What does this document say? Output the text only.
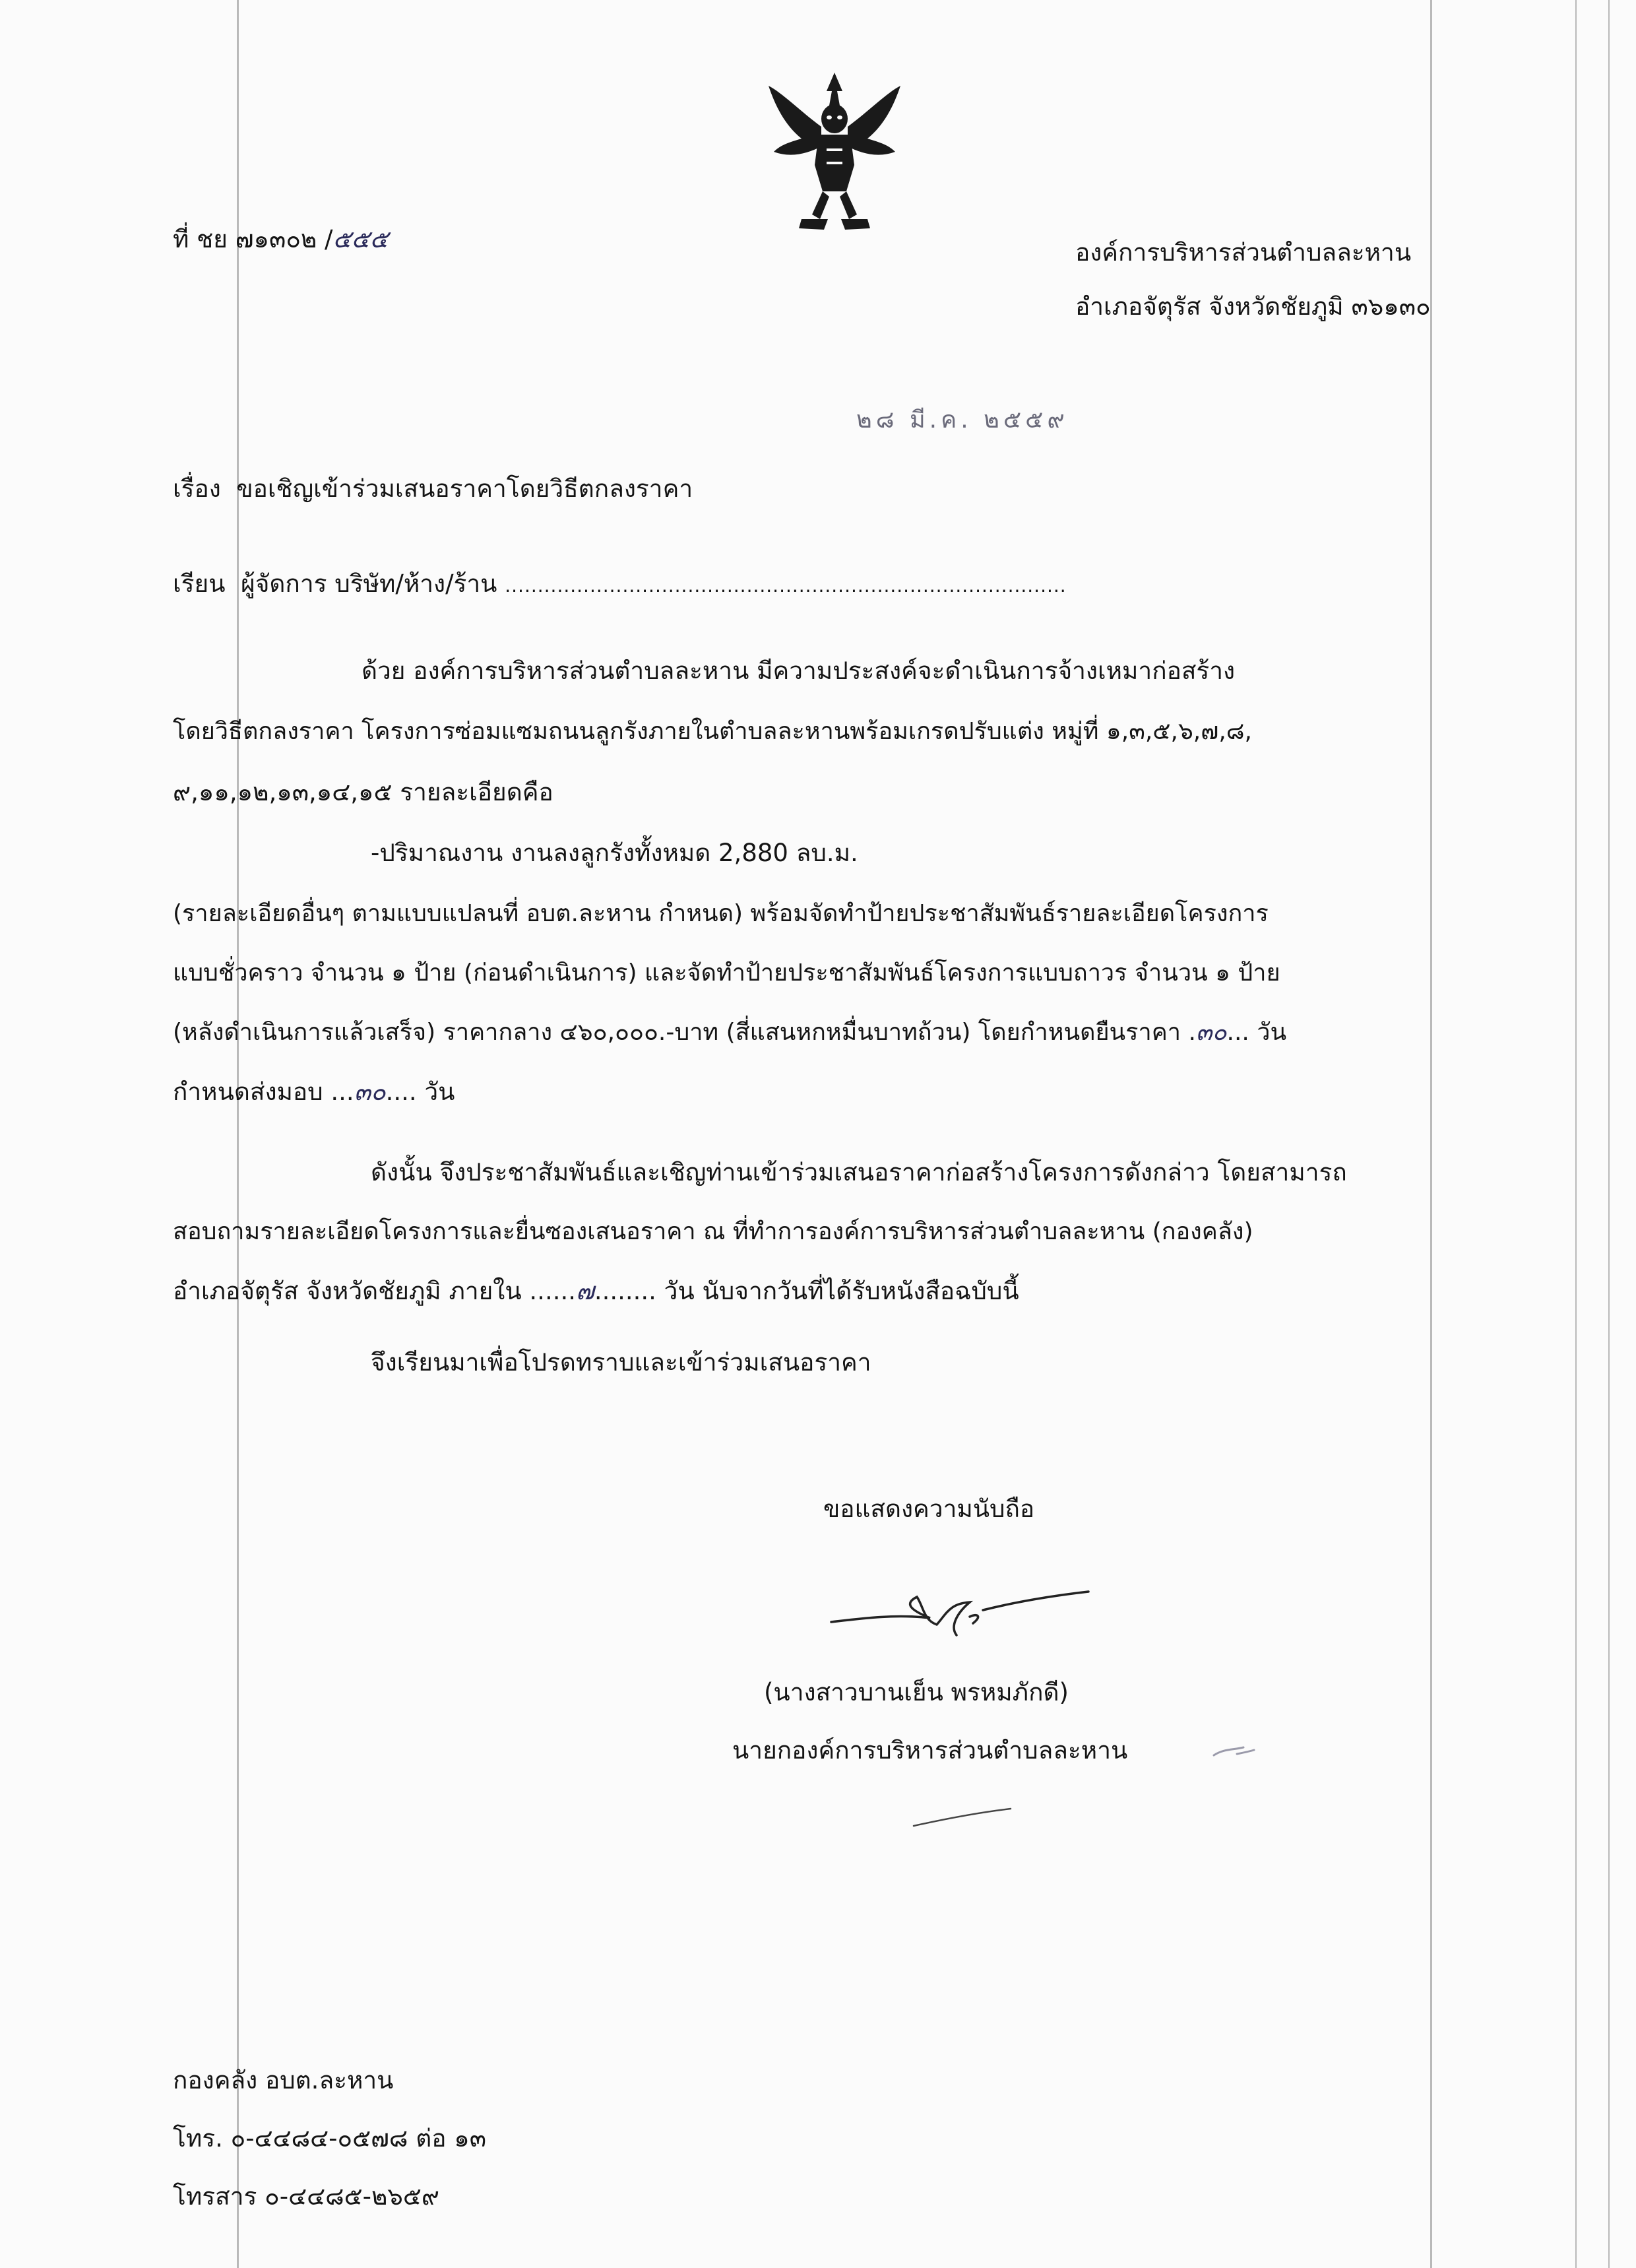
ที่ ชย ๗๑๓๐๒ /๕๕๕	องค์การบริหารส่วนตำบลละหาน
อำเภอจัตุรัส จังหวัดชัยภูมิ ๓๖๑๓๐
๒๘ มี.ค. ๒๕๕๙
เรื่อง ขอเชิญเข้าร่วมเสนอราคาโดยวิธีตกลงราคา
เรียน ผู้จัดการ บริษัท/ห้าง/ร้าน ......................................................................................
ด้วย องค์การบริหารส่วนตำบลละหาน มีความประสงค์จะดำเนินการจ้างเหมาก่อสร้าง
โดยวิธีตกลงราคา โครงการซ่อมแซมถนนลูกรังภายในตำบลละหานพร้อมเกรดปรับแต่ง หมู่ที่ ๑,๓,๕,๖,๗,๘,
๙,๑๑,๑๒,๑๓,๑๔,๑๕ รายละเอียดคือ
-ปริมาณงาน งานลงลูกรังทั้งหมด 2,880 ลบ.ม.
(รายละเอียดอื่นๆ ตามแบบแปลนที่ อบต.ละหาน กำหนด) พร้อมจัดทำป้ายประชาสัมพันธ์รายละเอียดโครงการ
แบบชั่วคราว จำนวน ๑ ป้าย (ก่อนดำเนินการ) และจัดทำป้ายประชาสัมพันธ์โครงการแบบถาวร จำนวน ๑ ป้าย
(หลังดำเนินการแล้วเสร็จ) ราคากลาง ๔๖๐,๐๐๐.-บาท (สี่แสนหกหมื่นบาทถ้วน) โดยกำหนดยืนราคา .๓๐... วัน
กำหนดส่งมอบ ...๓๐.... วัน
ดังนั้น จึงประชาสัมพันธ์และเชิญท่านเข้าร่วมเสนอราคาก่อสร้างโครงการดังกล่าว โดยสามารถ
สอบถามรายละเอียดโครงการและยื่นซองเสนอราคา ณ ที่ทำการองค์การบริหารส่วนตำบลละหาน (กองคลัง)
อำเภอจัตุรัส จังหวัดชัยภูมิ ภายใน ......๗........ วัน นับจากวันที่ได้รับหนังสือฉบับนี้
จึงเรียนมาเพื่อโปรดทราบและเข้าร่วมเสนอราคา
ขอแสดงความนับถือ
(นางสาวบานเย็น พรหมภักดี)
นายกองค์การบริหารส่วนตำบลละหาน
กองคลัง อบต.ละหาน
โทร. ๐-๔๔๘๔-๐๕๗๘ ต่อ ๑๓
โทรสาร ๐-๔๔๘๕-๒๖๕๙
